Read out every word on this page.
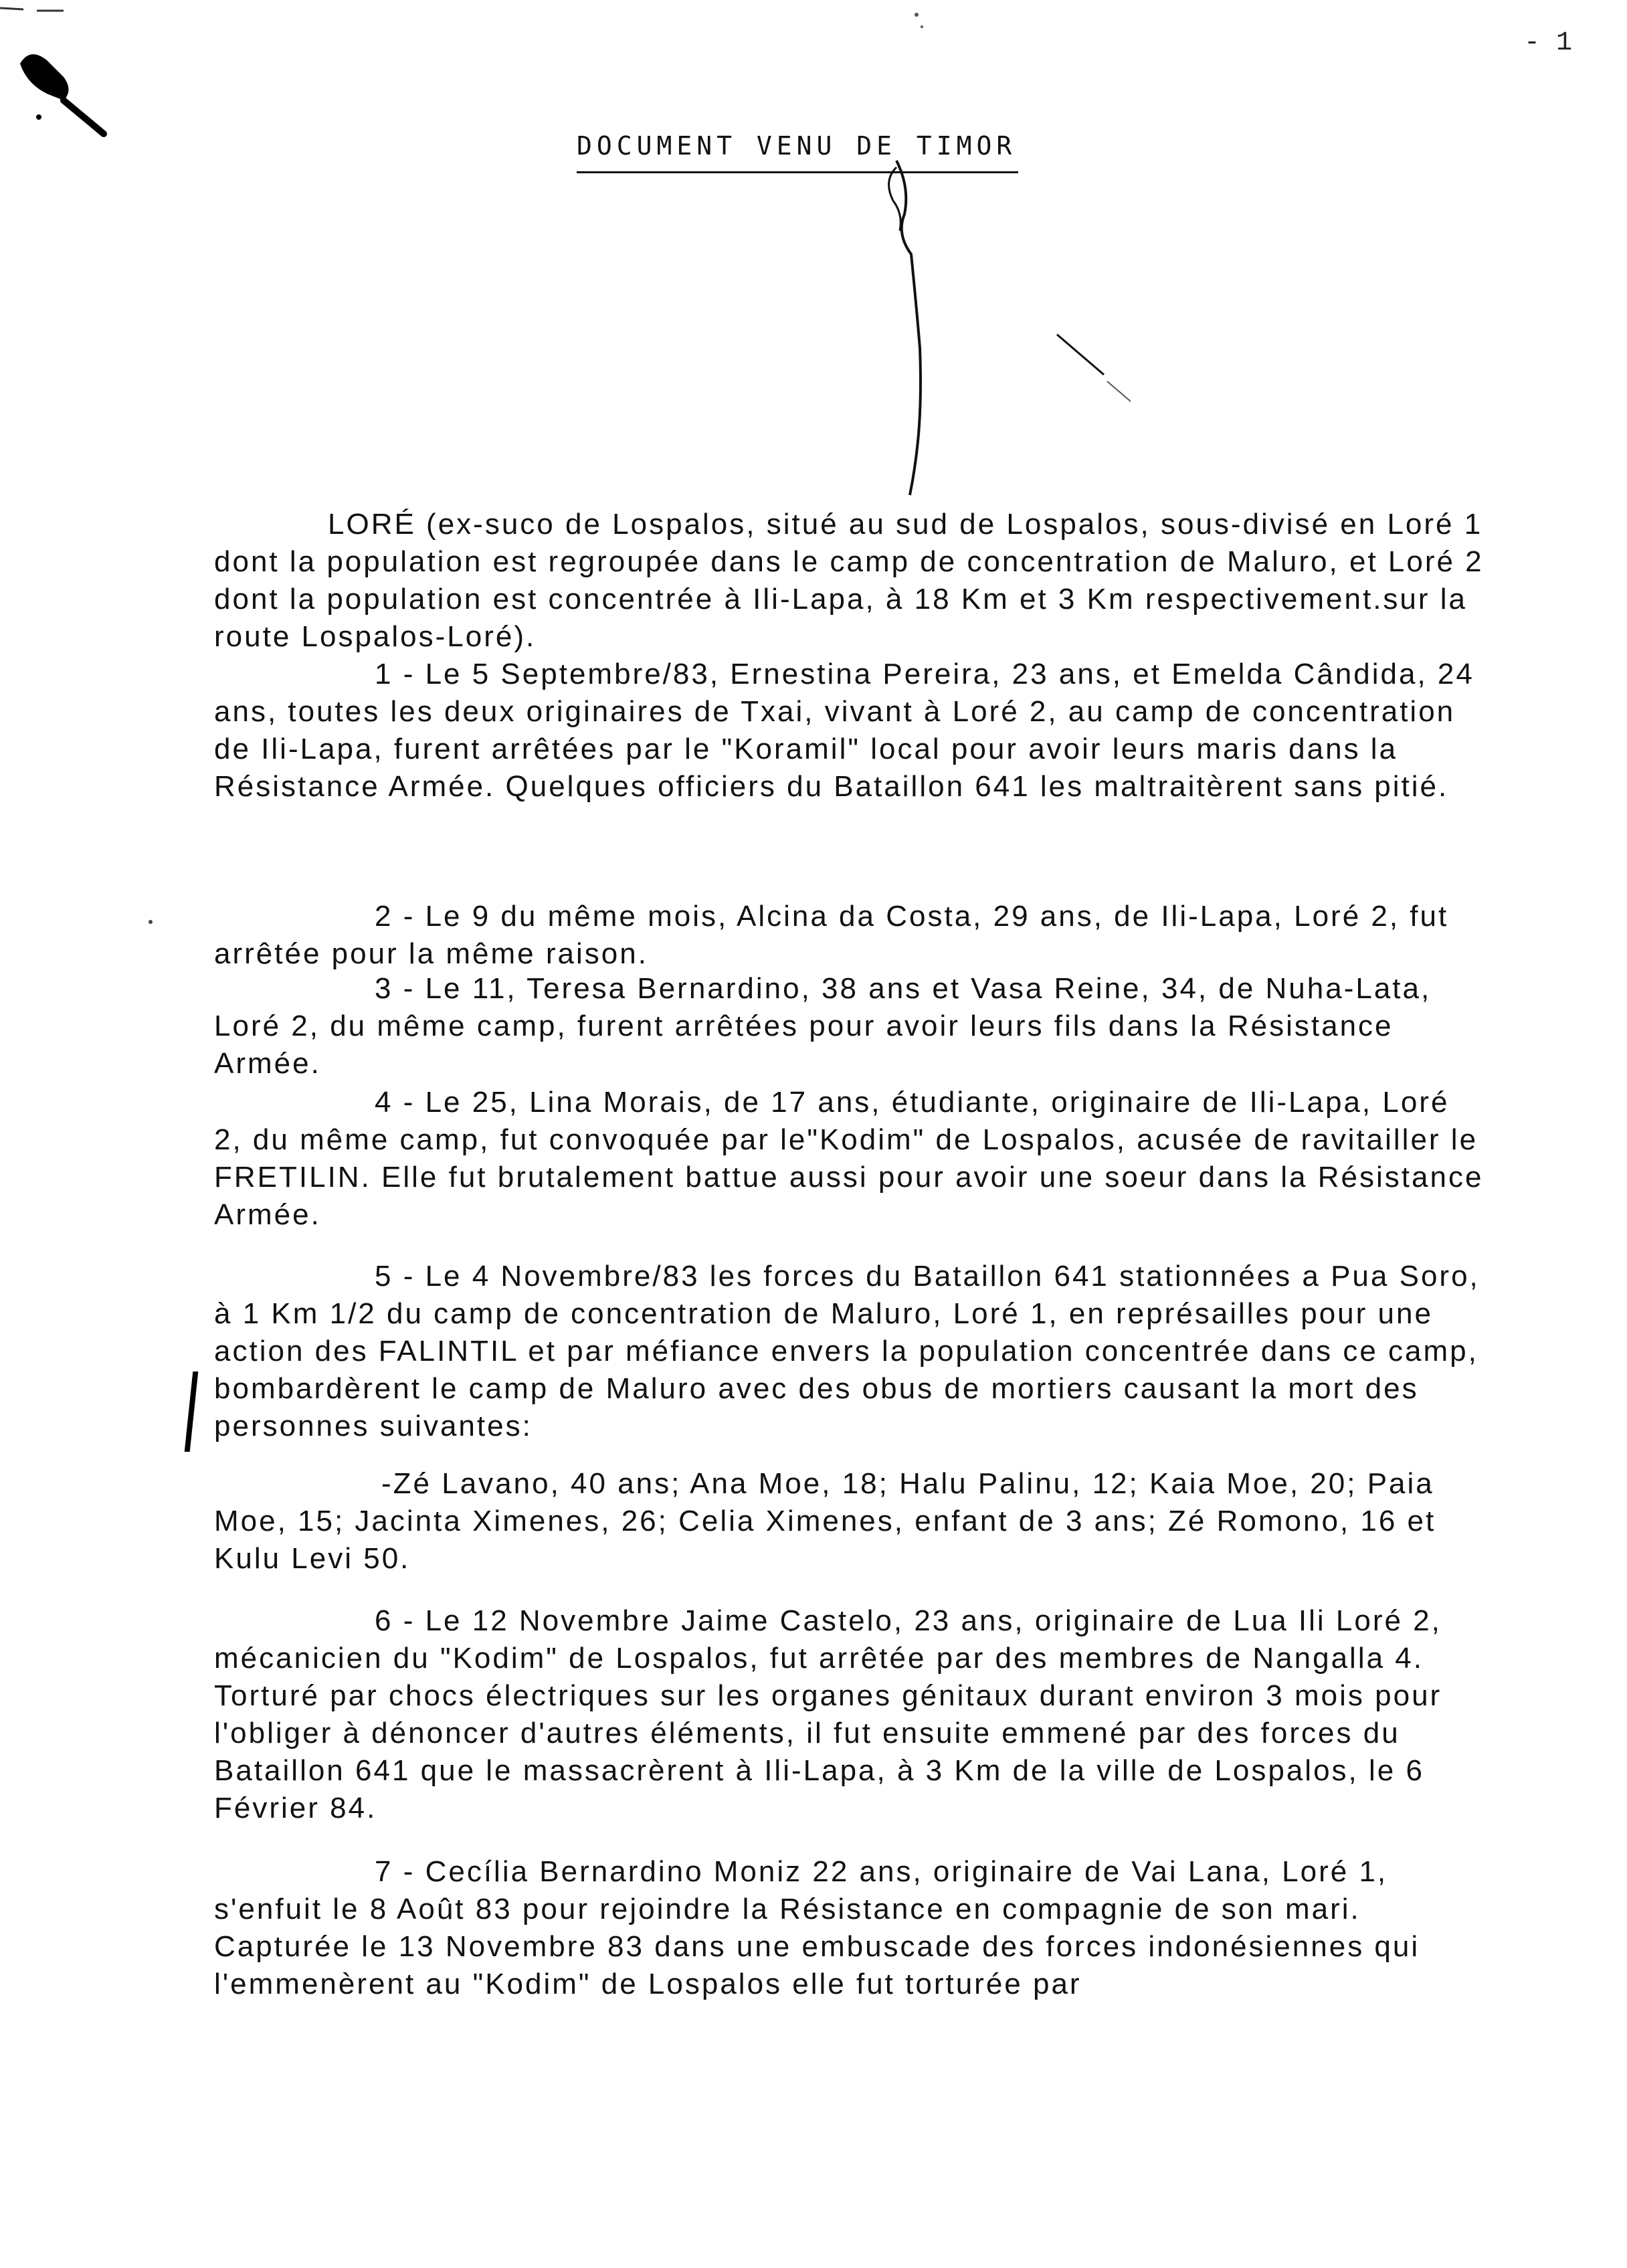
- 1
DOCUMENT VENU DE TIMOR

LORÉ (ex-suco de Lospalos, situé au sud de Lospalos, sous-divisé en Loré 1 dont la population est regroupée dans le camp de concentration de Maluro, et Loré 2 dont la population est concentrée à Ili-Lapa, à 18 Km et 3 Km respectivement.sur la route Lospalos-Loré).

1 - Le 5 Septembre/83, Ernestina Pereira, 23 ans, et Emelda Cândida, 24 ans, toutes les deux originaires de Txai, vivant à Loré 2, au camp de concentration de Ili-Lapa, furent arrêtées par le "Koramil" local pour avoir leurs maris dans la Résistance Armée. Quelques officiers du Bataillon 641 les maltraitèrent sans pitié.

2 - Le 9 du même mois, Alcina da Costa, 29 ans, de Ili-Lapa, Loré 2, fut arrêtée pour la même raison.

3 - Le 11, Teresa Bernardino, 38 ans et Vasa Reine, 34, de Nuha-Lata, Loré 2, du même camp, furent arrêtées pour avoir leurs fils dans la Résistance Armée.

4 - Le 25, Lina Morais, de 17 ans, étudiante, originaire de Ili-Lapa, Loré 2, du même camp, fut convoquée par le"Kodim" de Lospalos, acusée de ravitailler le FRETILIN. Elle fut brutalement battue aussi pour avoir une soeur dans la Résistance Armée.

5 - Le 4 Novembre/83 les forces du Bataillon 641 stationnées a Pua Soro, à 1 Km 1/2 du camp de concentration de Maluro, Loré 1, en représailles pour une action des FALINTIL et par méfiance envers la population concentrée dans ce camp, bombardèrent le camp de Maluro avec des obus de mortiers causant la mort des personnes suivantes:

-Zé Lavano, 40 ans; Ana Moe, 18; Halu Palinu, 12; Kaia Moe, 20; Paia Moe, 15; Jacinta Ximenes, 26; Celia Ximenes, enfant de 3 ans; Zé Romono, 16 et Kulu Levi 50.

6 - Le 12 Novembre Jaime Castelo, 23 ans, originaire de Lua Ili Loré 2, mécanicien du "Kodim" de Lospalos, fut arrêtée par des membres de Nangalla 4. Torturé par chocs électriques sur les organes génitaux durant environ 3 mois pour l'obliger à dénoncer d'autres éléments, il fut ensuite emmené par des forces du Bataillon 641 que le massacrèrent à Ili-Lapa, à 3 Km de la ville de Lospalos, le 6 Février 84.

7 - Cecília Bernardino Moniz 22 ans, originaire de Vai Lana, Loré 1, s'enfuit le 8 Août 83 pour rejoindre la Résistance en compagnie de son mari. Capturée le 13 Novembre 83 dans une embuscade des forces indonésiennes qui l'emmenèrent au "Kodim" de Lospalos elle fut torturée par
